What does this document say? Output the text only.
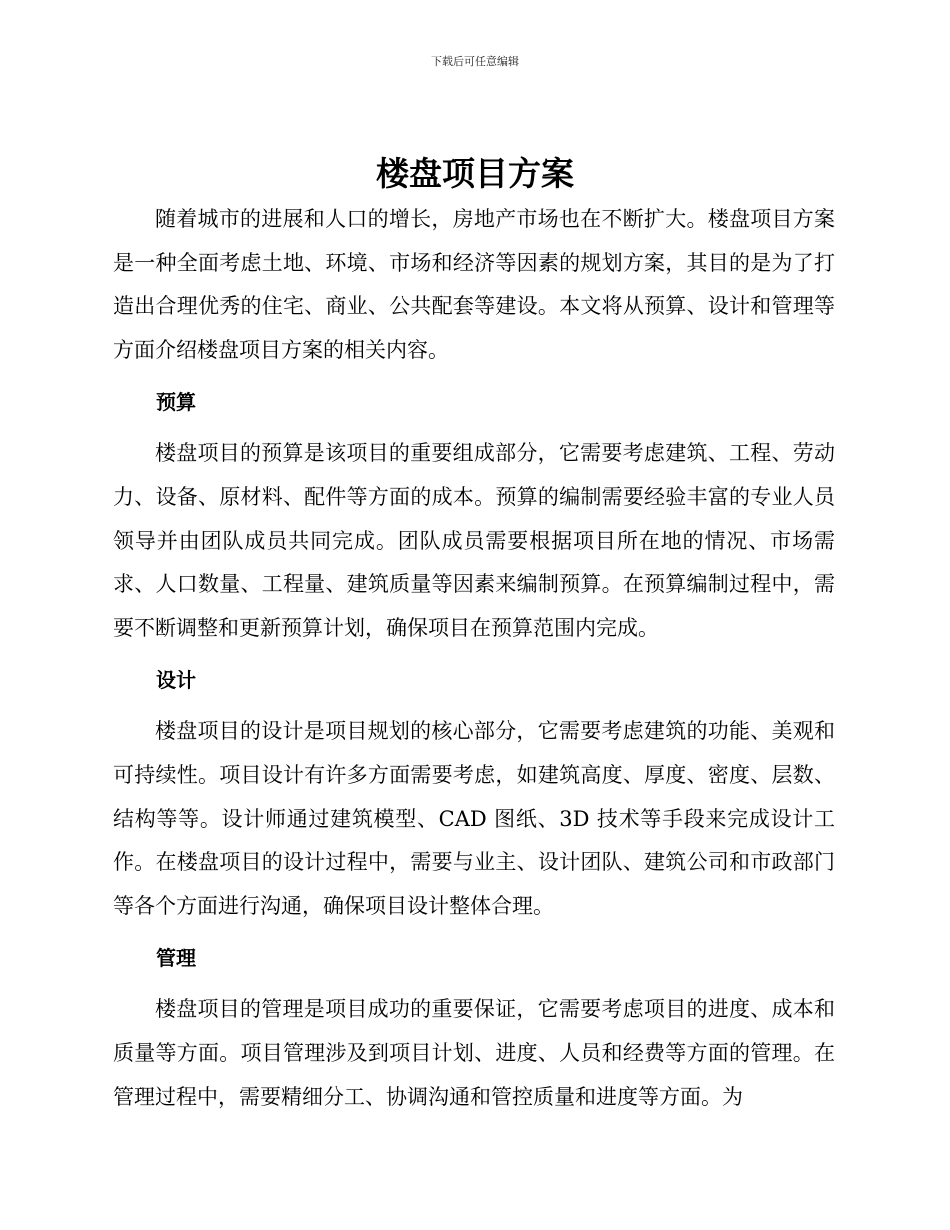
下载后可任意编辑
楼盘项目方案

随着城市的进展和人口的增长，房地产市场也在不断扩大。楼盘项目方案是一种全面考虑土地、环境、市场和经济等因素的规划方案，其目的是为了打造出合理优秀的住宅、商业、公共配套等建设。本文将从预算、设计和管理等方面介绍楼盘项目方案的相关内容。

预算

楼盘项目的预算是该项目的重要组成部分，它需要考虑建筑、工程、劳动力、设备、原材料、配件等方面的成本。预算的编制需要经验丰富的专业人员领导并由团队成员共同完成。团队成员需要根据项目所在地的情况、市场需求、人口数量、工程量、建筑质量等因素来编制预算。在预算编制过程中，需要不断调整和更新预算计划，确保项目在预算范围内完成。

设计

楼盘项目的设计是项目规划的核心部分，它需要考虑建筑的功能、美观和可持续性。项目设计有许多方面需要考虑，如建筑高度、厚度、密度、层数、结构等等。设计师通过建筑模型、CAD 图纸、3D 技术等手段来完成设计工作。在楼盘项目的设计过程中，需要与业主、设计团队、建筑公司和市政部门等各个方面进行沟通，确保项目设计整体合理。

管理

楼盘项目的管理是项目成功的重要保证，它需要考虑项目的进度、成本和质量等方面。项目管理涉及到项目计划、进度、人员和经费等方面的管理。在管理过程中，需要精细分工、协调沟通和管控质量和进度等方面。为
